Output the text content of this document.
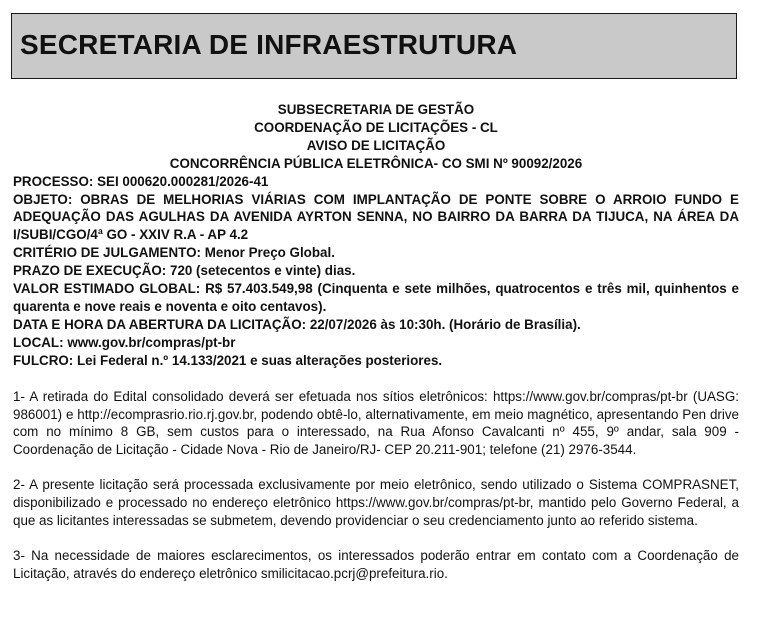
SECRETARIA DE INFRAESTRUTURA

SUBSECRETARIA DE GESTÃO

COORDENAÇÃO DE LICITAÇÕES - CL

AVISO DE LICITAÇÃO

CONCORRÊNCIA PÚBLICA ELETRÔNICA- CO SMI Nº 90092/2026

PROCESSO: SEI 000620.000281/2026-41

OBJETO: OBRAS DE MELHORIAS VIÁRIAS COM IMPLANTAÇÃO DE PONTE SOBRE O ARROIO FUNDO E ADEQUAÇÃO DAS AGULHAS DA AVENIDA AYRTON SENNA, NO BAIRRO DA BARRA DA TIJUCA, NA ÁREA DA I/SUBI/CGO/4ª GO - XXIV R.A - AP 4.2

CRITÉRIO DE JULGAMENTO: Menor Preço Global.

PRAZO DE EXECUÇÃO: 720 (setecentos e vinte) dias.

VALOR ESTIMADO GLOBAL: R$ 57.403.549,98 (Cinquenta e sete milhões, quatrocentos e três mil, quinhentos e quarenta e nove reais e noventa e oito centavos).

DATA E HORA DA ABERTURA DA LICITAÇÃO: 22/07/2026 às 10:30h. (Horário de Brasília).

LOCAL: www.gov.br/compras/pt-br

FULCRO: Lei Federal n.º 14.133/2021 e suas alterações posteriores.

1- A retirada do Edital consolidado deverá ser efetuada nos sítios eletrônicos: https://www.gov.br/compras/pt-br (UASG: 986001) e http://ecomprasrio.rio.rj.gov.br, podendo obtê-lo, alternativamente, em meio magnético, apresentando Pen drive com no mínimo 8 GB, sem custos para o interessado, na Rua Afonso Cavalcanti nº 455, 9º andar, sala 909 - Coordenação de Licitação - Cidade Nova - Rio de Janeiro/RJ- CEP 20.211-901; telefone (21) 2976-3544.

2- A presente licitação será processada exclusivamente por meio eletrônico, sendo utilizado o Sistema COMPRASNET, disponibilizado e processado no endereço eletrônico https://www.gov.br/compras/pt-br, mantido pelo Governo Federal, a que as licitantes interessadas se submetem, devendo providenciar o seu credenciamento junto ao referido sistema.

3- Na necessidade de maiores esclarecimentos, os interessados poderão entrar em contato com a Coordenação de Licitação, através do endereço eletrônico smilicitacao.pcrj@prefeitura.rio.
